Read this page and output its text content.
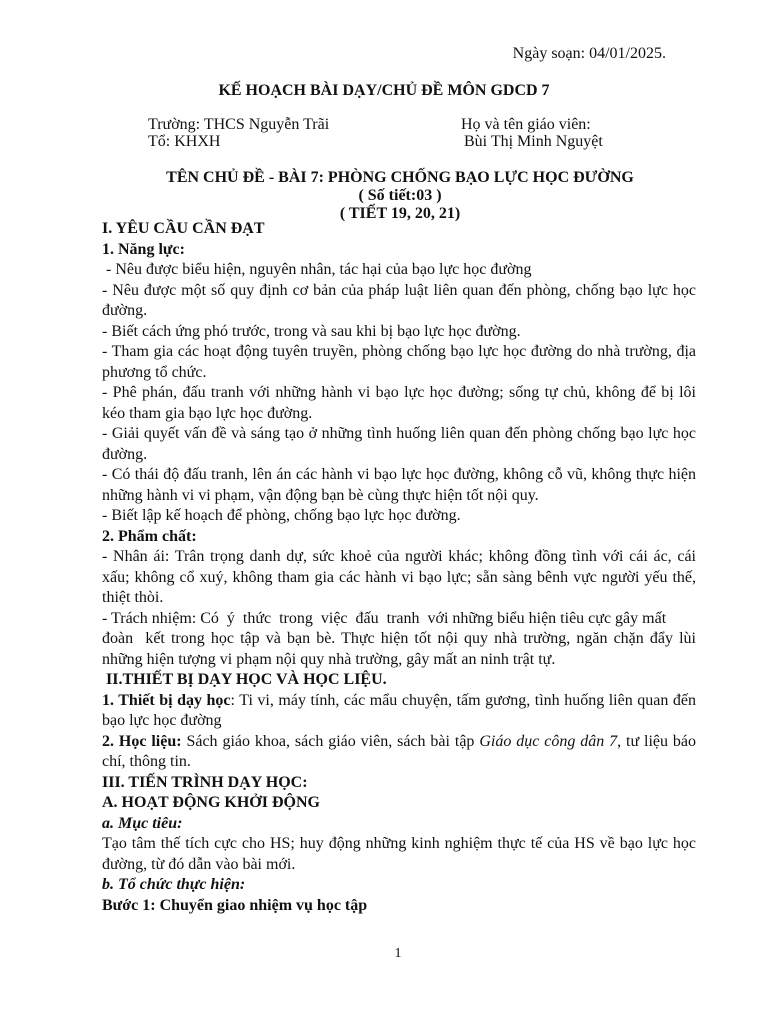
Ngày soạn: 04/01/2025.
KẾ HOẠCH BÀI DẠY/CHỦ ĐỀ MÔN GDCD 7
Trường: THCS Nguyễn Trãi
Tổ: KHXH
Họ và tên giáo viên:
Bùi Thị Minh Nguyệt
TÊN CHỦ ĐỀ - BÀI 7: PHÒNG CHỐNG BẠO LỰC HỌC ĐƯỜNG
( Số tiết:03 )
( TIẾT 19, 20, 21)

I. YÊU CẦU CẦN ĐẠT

1. Năng lực:

- Nêu được biểu hiện, nguyên nhân, tác hại của bạo lực học đường

- Nêu được một số quy định cơ bản của pháp luật liên quan đến phòng, chống bạo lực học đường.

- Biết cách ứng phó trước, trong và sau khi bị bạo lực học đường.

- Tham gia các hoạt động tuyên truyền, phòng chống bạo lực học đường do nhà trường, địa phương tổ chức.

- Phê phán, đấu tranh với những hành vi bạo lực học đường; sống tự chủ, không để bị lôi kéo tham gia bạo lực học đường.

- Giải quyết vấn đề và sáng tạo ở những tình huống liên quan đến phòng chống bạo lực học đường.

- Có thái độ đấu tranh, lên án các hành vi bạo lực học đường, không cỗ vũ, không thực hiện những hành vi vi phạm, vận động bạn bè cùng thực hiện tốt nội quy.

- Biết lập kế hoạch để phòng, chống bạo lực học đường.

2. Phẩm chất:

- Nhân ái: Trân trọng danh dự, sức khoẻ của người khác; không đồng tình với cái ác, cái xấu; không cổ xuý, không tham gia các hành vi bạo lực; sẵn sàng bênh vực người yếu thế, thiệt thòi.

- Trách nhiệm: Có  ý  thức  trong  việc  đấu  tranh  với những biểu hiện tiêu cực gây mất

đoàn  kết trong học tập và bạn bè. Thực hiện tốt nội quy nhà trường, ngăn chặn đẩy lùi những hiện tượng vi phạm nội quy nhà trường, gây mất an ninh trật tự.

II.THIẾT BỊ DẠY HỌC VÀ HỌC LIỆU.

1. Thiết bị dạy học: Ti vi, máy tính, các mẩu chuyện, tấm gương, tình huống liên quan đến bạo lực học đường

2. Học liệu: Sách giáo khoa, sách giáo viên, sách bài tập Giáo dục công dân 7, tư liệu báo chí, thông tin.

III. TIẾN TRÌNH DẠY HỌC:

A. HOẠT ĐỘNG KHỞI ĐỘNG

a. Mục tiêu:

Tạo tâm thế tích cực cho HS; huy động những kinh nghiệm thực tế của HS về bạo lực học đường, từ đó dẫn vào bài mới.

b. Tổ chức thực hiện:

Bước 1: Chuyển giao nhiệm vụ học tập

1
